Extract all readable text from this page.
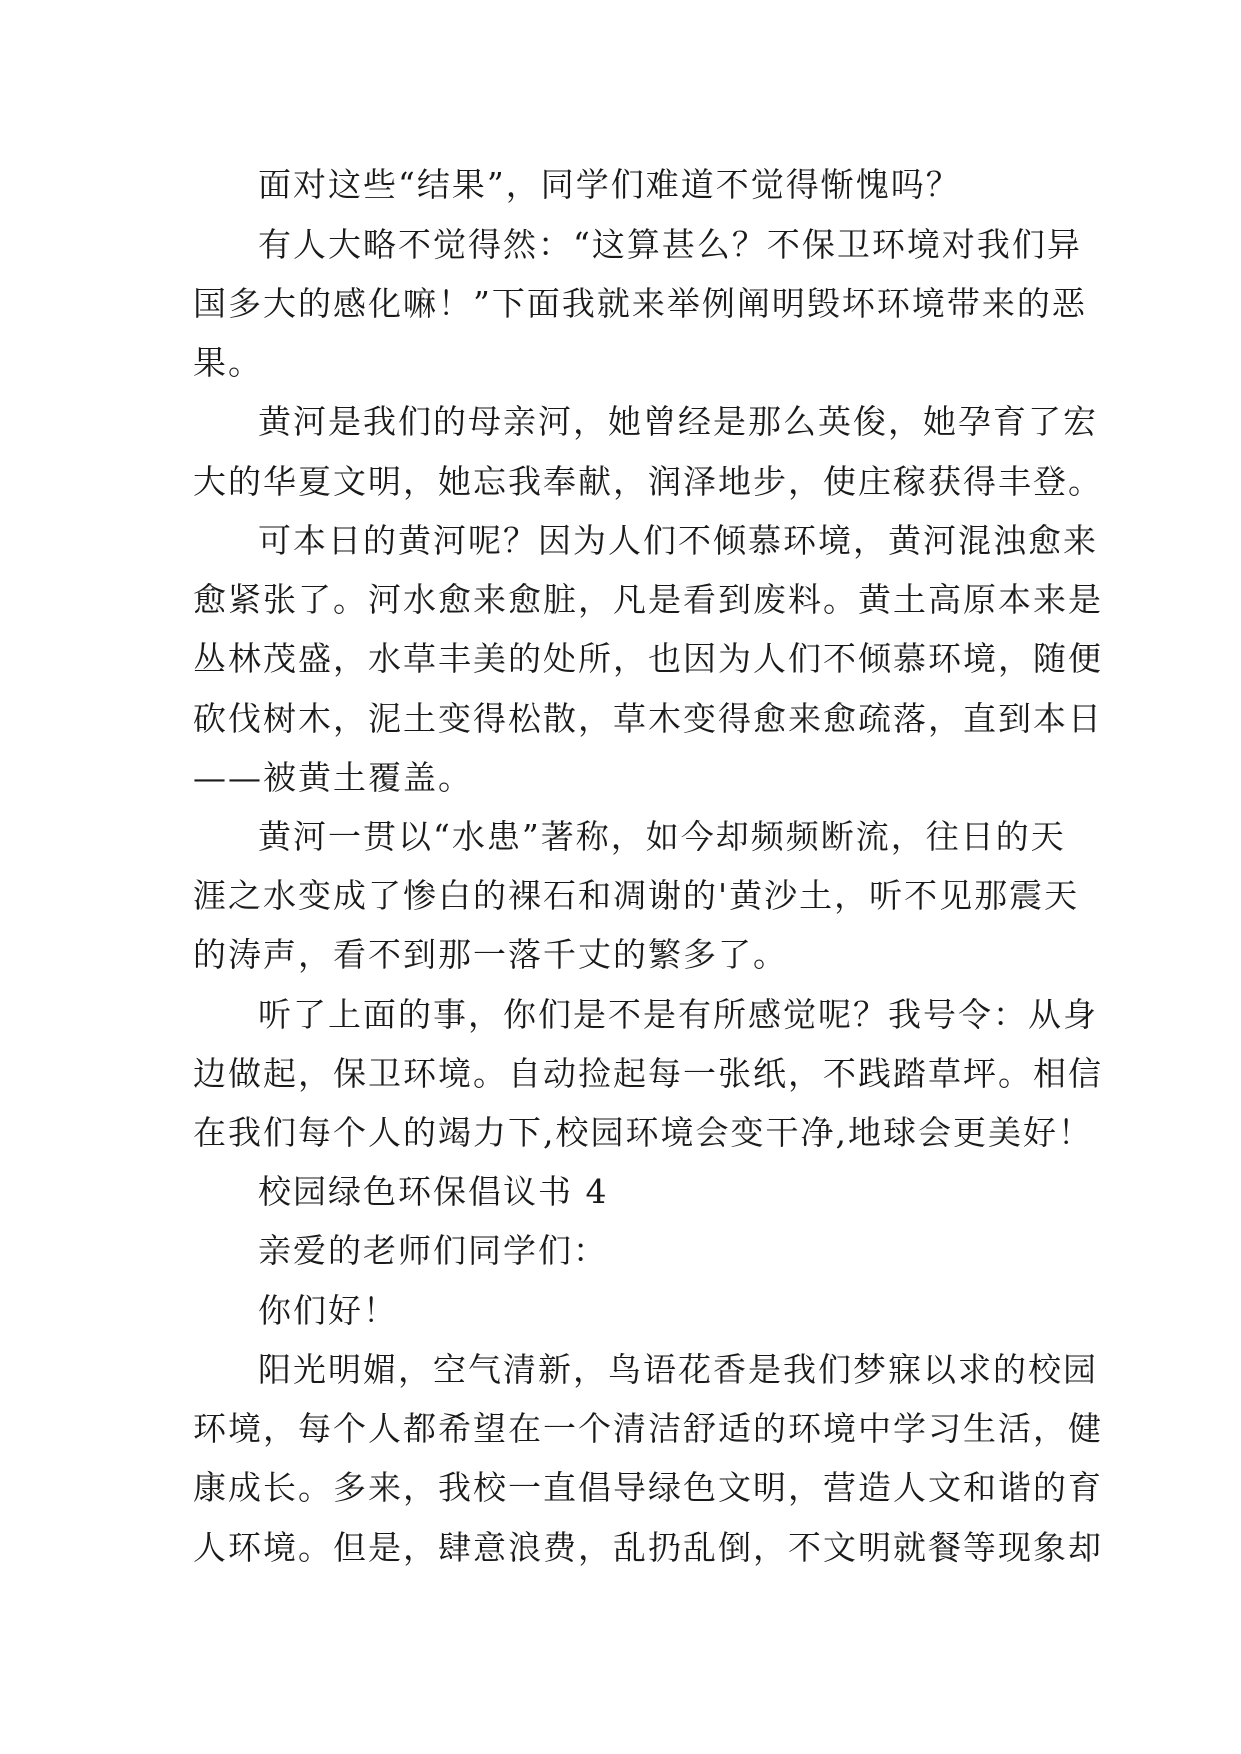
面对这些“结果”，同学们难道不觉得惭愧吗？
有人大略不觉得然：“这算甚么？不保卫环境对我们异
国多大的感化嘛！”下面我就来举例阐明毁坏环境带来的恶
果。
黄河是我们的母亲河，她曾经是那么英俊，她孕育了宏
大的华夏文明，她忘我奉献，润泽地步，使庄稼获得丰登。
可本日的黄河呢？因为人们不倾慕环境，黄河混浊愈来
愈紧张了。河水愈来愈脏，凡是看到废料。黄土高原本来是
丛林茂盛，水草丰美的处所，也因为人们不倾慕环境，随便
砍伐树木，泥土变得松散，草木变得愈来愈疏落，直到本日
——被黄土覆盖。
黄河一贯以“水患”著称，如今却频频断流，往日的天
涯之水变成了惨白的裸石和凋谢的'黄沙土，听不见那震天
的涛声，看不到那一落千丈的繁多了。
听了上面的事，你们是不是有所感觉呢？我号令：从身
边做起，保卫环境。自动捡起每一张纸，不践踏草坪。相信
在我们每个人的竭力下,校园环境会变干净,地球会更美好！
校园绿色环保倡议书 4
亲爱的老师们同学们：
你们好！
阳光明媚，空气清新，鸟语花香是我们梦寐以求的校园
环境，每个人都希望在一个清洁舒适的环境中学习生活，健
康成长。多来，我校一直倡导绿色文明，营造人文和谐的育
人环境。但是，肆意浪费，乱扔乱倒，不文明就餐等现象却
